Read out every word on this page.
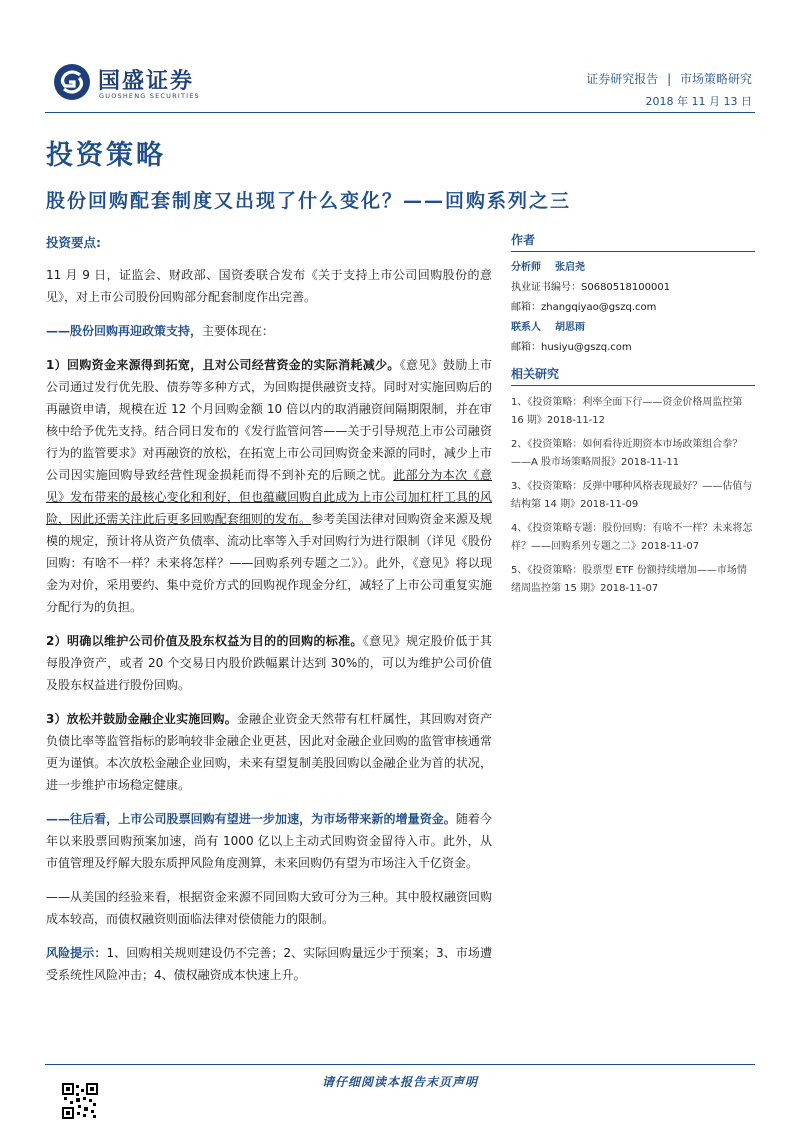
国盛证券
GUOSHENG SECURITIES
证券研究报告 | 市场策略研究
2018 年 11 月 13 日
投资策略
股份回购配套制度又出现了什么变化？——回购系列之三
投资要点:

11 月 9 日，证监会、财政部、国资委联合发布《关于支持上市公司回购股份的意见》，对上市公司股份回购部分配套制度作出完善。

——股份回购再迎政策支持，主要体现在：

1）回购资金来源得到拓宽，且对公司经营资金的实际消耗减少。《意见》鼓励上市公司通过发行优先股、债券等多种方式，为回购提供融资支持。同时对实施回购后的再融资申请，规模在近 12 个月回购金额 10 倍以内的取消融资间隔期限制，并在审核中给予优先支持。结合同日发布的《发行监管问答——关于引导规范上市公司融资行为的监管要求》对再融资的放松，在拓宽上市公司回购资金来源的同时，减少上市公司因实施回购导致经营性现金损耗而得不到补充的后顾之忧。此部分为本次《意见》发布带来的最核心变化和利好，但也蕴藏回购自此成为上市公司加杠杆工具的风险，因此还需关注此后更多回购配套细则的发布。参考美国法律对回购资金来源及规模的规定，预计将从资产负债率、流动比率等入手对回购行为进行限制（详见《股份回购：有啥不一样？未来将怎样？——回购系列专题之二》）。此外，《意见》将以现金为对价，采用要约、集中竞价方式的回购视作现金分红，减轻了上市公司重复实施分配行为的负担。

2）明确以维护公司价值及股东权益为目的的回购的标准。《意见》规定股价低于其每股净资产，或者 20 个交易日内股价跌幅累计达到 30%的，可以为维护公司价值及股东权益进行股份回购。

3）放松并鼓励金融企业实施回购。金融企业资金天然带有杠杆属性，其回购对资产负债比率等监管指标的影响较非金融企业更甚，因此对金融企业回购的监管审核通常更为谨慎。本次放松金融企业回购，未来有望复制美股回购以金融企业为首的状况，进一步维护市场稳定健康。

——往后看，上市公司股票回购有望进一步加速，为市场带来新的增量资金。随着今年以来股票回购预案加速，尚有 1000 亿以上主动式回购资金留待入市。此外，从市值管理及纾解大股东质押风险角度测算，未来回购仍有望为市场注入千亿资金。

——从美国的经验来看，根据资金来源不同回购大致可分为三种。其中股权融资回购成本较高，而债权融资则面临法律对偿债能力的限制。

风险提示：1、回购相关规则建设仍不完善；2、实际回购量远少于预案；3、市场遭受系统性风险冲击；4、债权融资成本快速上升。

作者
分析师 张启尧
执业证书编号：S0680518100001
邮箱：zhangqiyao@gszq.com
联系人 胡思雨
邮箱：husiyu@gszq.com
相关研究
1、《投资策略：利率全面下行——资金价格周监控第 16 期》2018-11-12
2、《投资策略：如何看待近期资本市场政策组合拳？——A 股市场策略周报》2018-11-11
3、《投资策略：反弹中哪种风格表现最好？——估值与结构第 14 期》2018-11-09
4、《投资策略专题：股份回购：有啥不一样？未来将怎样？——回购系列专题之二》2018-11-07
5、《投资策略：股票型 ETF 份额持续增加——市场情绪周监控第 15 期》2018-11-07
请仔细阅读本报告末页声明
